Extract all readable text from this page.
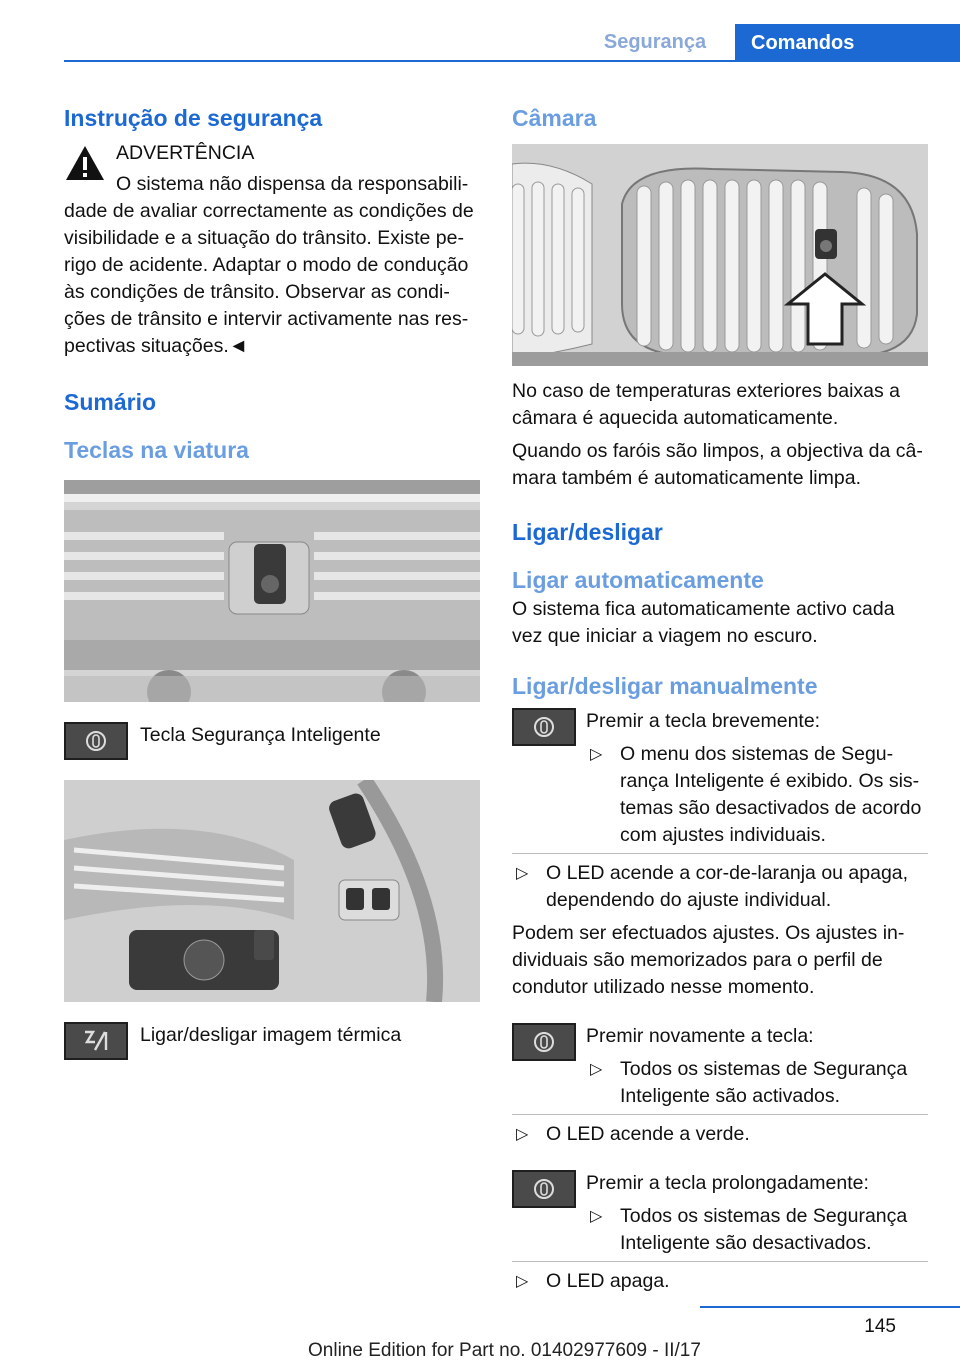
Segurança	Comandos
Instrução de segurança
ADVERTÊNCIA
O sistema não dispensa da responsabili-
dade de avaliar correctamente as condições de visibilidade e a situação do trânsito. Existe perigo de acidente. Adaptar o modo de condução às condições de trânsito. Observar as condições de trânsito e intervir activamente nas respectivas situações.◄
Sumário
Teclas na viatura
Tecla Segurança Inteligente
Ligar/desligar imagem térmica
Câmara
No caso de temperaturas exteriores baixas a câmara é aquecida automaticamente.
Quando os faróis são limpos, a objectiva da câmara também é automaticamente limpa.
Ligar/desligar
Ligar automaticamente
O sistema fica automaticamente activo cada vez que iniciar a viagem no escuro.
Ligar/desligar manualmente
Premir a tecla brevemente:
▷ O menu dos sistemas de Segurança Inteligente é exibido. Os sistemas são desactivados de acordo com ajustes individuais.
▷ O LED acende a cor-de-laranja ou apaga, dependendo do ajuste individual.
Podem ser efectuados ajustes. Os ajustes individuais são memorizados para o perfil de condutor utilizado nesse momento.
Premir novamente a tecla:
▷ Todos os sistemas de Segurança Inteligente são activados.
▷ O LED acende a verde.
Premir a tecla prolongadamente:
▷ Todos os sistemas de Segurança Inteligente são desactivados.
▷ O LED apaga.
145
Online Edition for Part no. 01402977609 - II/17
